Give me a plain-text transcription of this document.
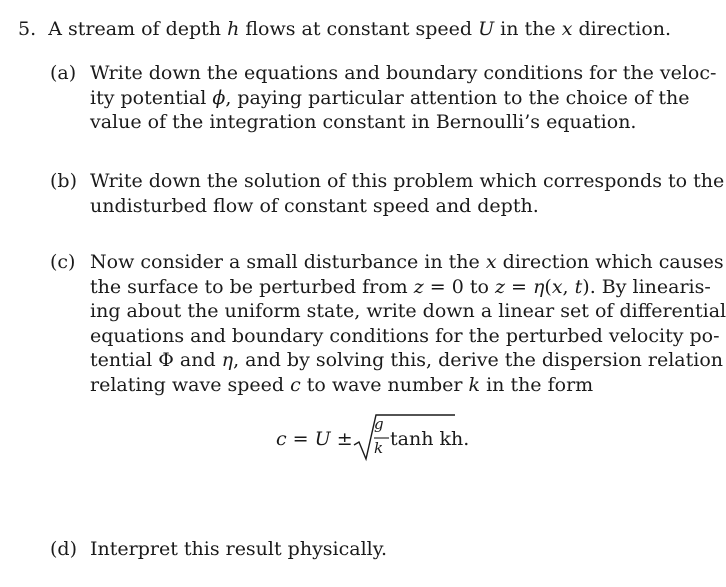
5. A stream of depth h flows at constant speed U in the x direction.
(a) Write down the equations and boundary conditions for the veloc-
ity potential ϕ, paying particular attention to the choice of the
value of the integration constant in Bernoulli’s equation.
(b) Write down the solution of this problem which corresponds to the
undisturbed flow of constant speed and depth.
(c) Now consider a small disturbance in the x direction which causes
the surface to be perturbed from z = 0 to z = η(x, t). By linearis-
ing about the uniform state, write down a linear set of differential
equations and boundary conditions for the perturbed velocity po-
tential Φ and η, and by solving this, derive the dispersion relation
relating wave speed c to wave number k in the form
c = U ±
g
k tanh kh.
(d) Interpret this result physically.
